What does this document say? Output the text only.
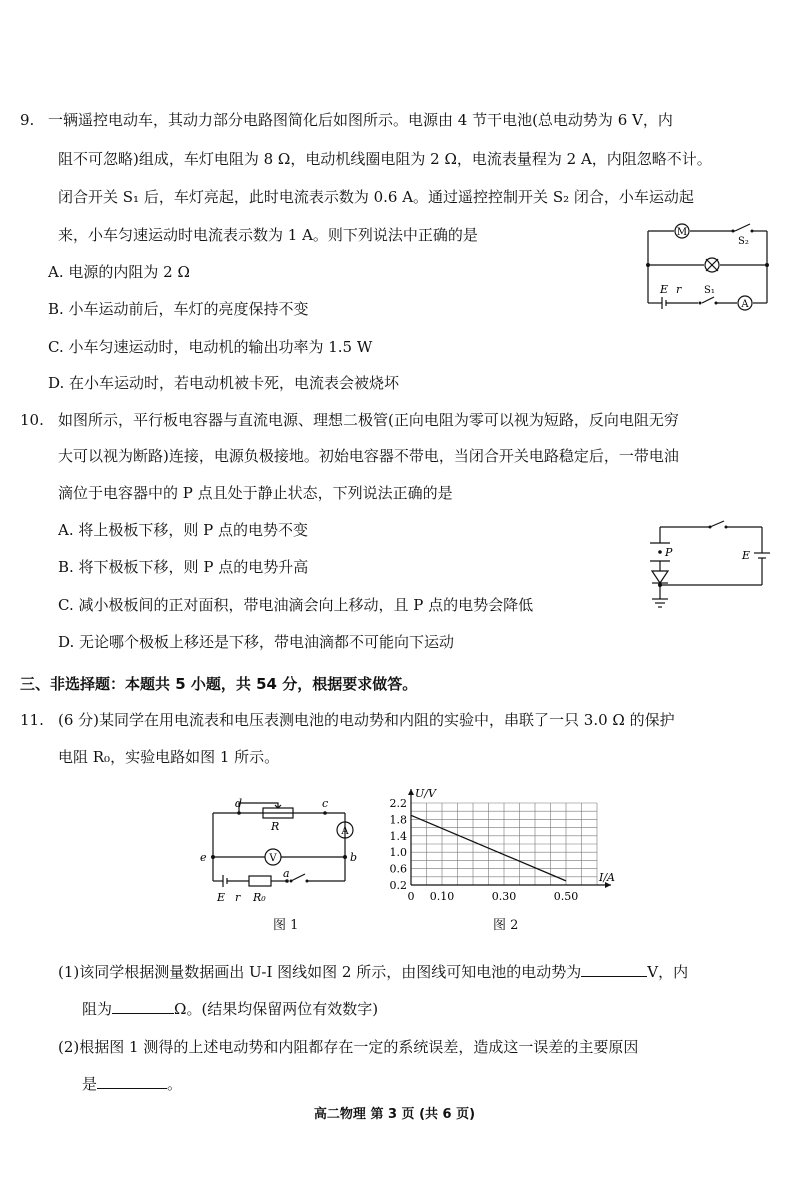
9. 一辆遥控电动车，其动力部分电路图简化后如图所示。电源由 4 节干电池(总电动势为 6 V，内
阻不可忽略)组成，车灯电阻为 8 Ω，电动机线圈电阻为 2 Ω，电流表量程为 2 A，内阻忽略不计。
闭合开关 S₁ 后，车灯亮起，此时电流表示数为 0.6 A。通过遥控控制开关 S₂ 闭合，小车运动起
来，小车匀速运动时电流表示数为 1 A。则下列说法中正确的是
A. 电源的内阻为 2 Ω
B. 小车运动前后，车灯的亮度保持不变
C. 小车匀速运动时，电动机的输出功率为 1.5 W
D. 在小车运动时，若电动机被卡死，电流表会被烧坏
M
A
S₂
S₁
E r
10. 如图所示，平行板电容器与直流电源、理想二极管(正向电阻为零可以视为短路，反向电阻无穷
大可以视为断路)连接，电源负极接地。初始电容器不带电，当闭合开关电路稳定后，一带电油
滴位于电容器中的 P 点且处于静止状态，下列说法正确的是
A. 将上极板下移，则 P 点的电势不变
B. 将下极板下移，则 P 点的电势升高
C. 减小极板间的正对面积，带电油滴会向上移动，且 P 点的电势会降低
D. 无论哪个极板上移还是下移，带电油滴都不可能向下运动
P	E
三、非选择题：本题共 5 小题，共 54 分，根据要求做答。
11. (6 分)某同学在用电流表和电压表测电池的电动势和内阻的实验中，串联了一只 3.0 Ω 的保护
电阻 R₀，实验电路如图 1 所示。
d	c
R	A
e	V	b
a
E r R₀
图 1
0.2
0.6
1.0
1.4
1.8
2.2
0.10	0.30	0.50
0
U/V
I/A
图 2
(1)该同学根据测量数据画出 U-I 图线如图 2 所示，由图线可知电池的电动势为	V，内
阻为	Ω。(结果均保留两位有效数字)
(2)根据图 1 测得的上述电动势和内阻都存在一定的系统误差，造成这一误差的主要原因
是	。
高二物理 第 3 页 (共 6 页)
